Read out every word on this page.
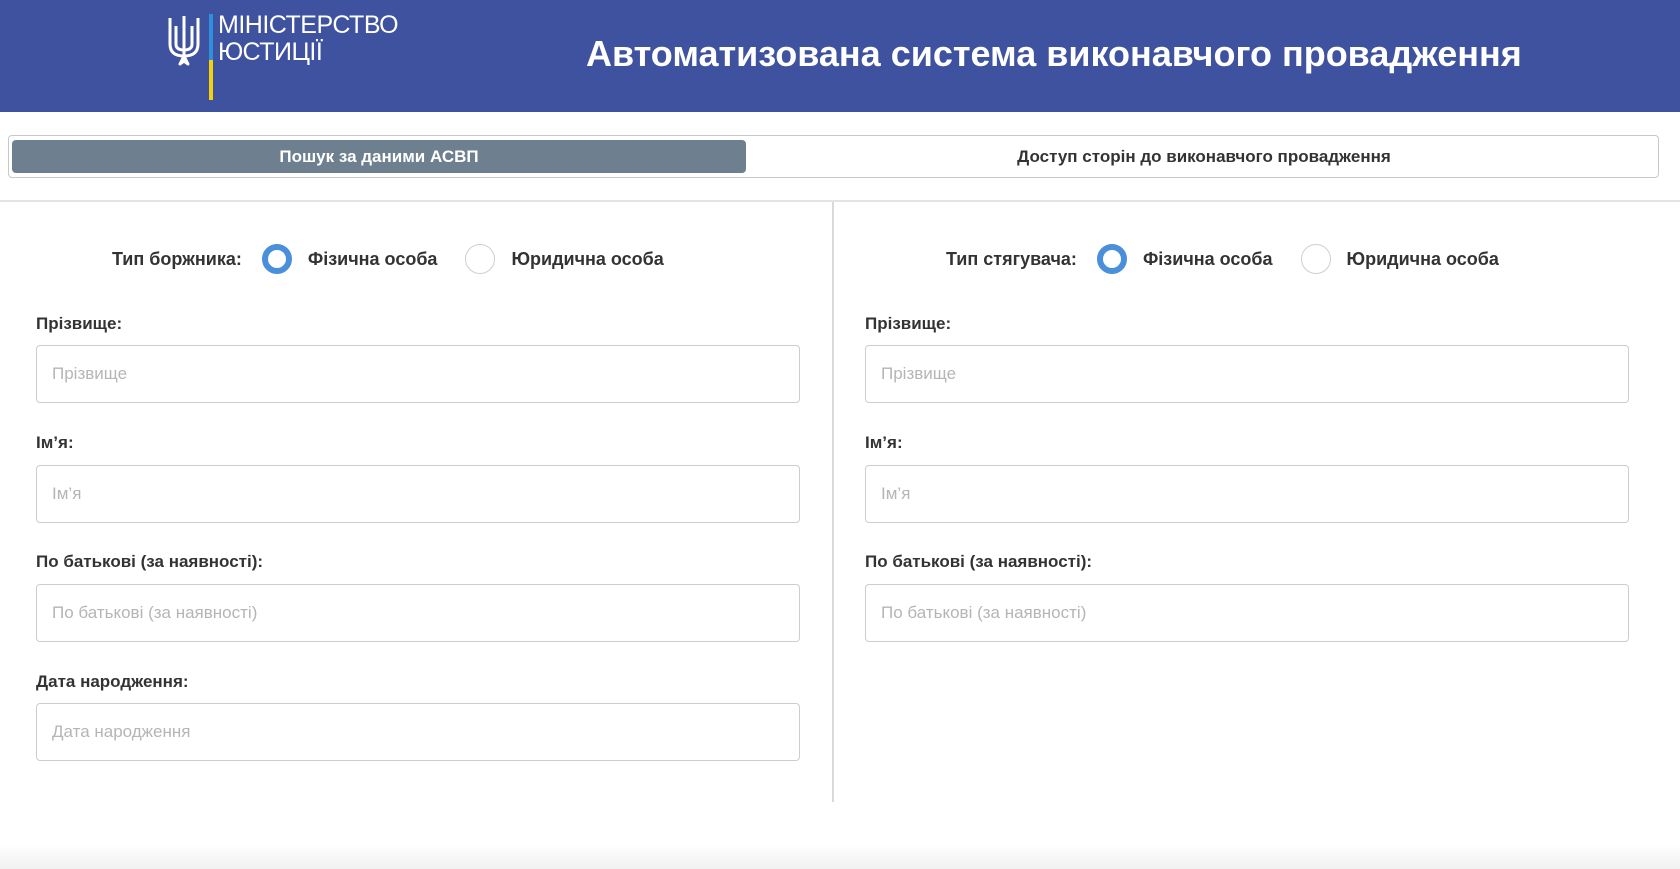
МІНІСТЕРСТВО
ЮСТИЦІЇ	Автоматизована система виконавчого провадження
Пошук за даними АСВП	Доступ сторін до виконавчого провадження
Тип боржника:	Фізична особа	Юридична особа
Прізвище:
Прізвище
Ім’я:
Ім’я
По батькові (за наявності):
По батькові (за наявності)
Дата народження:
Дата народження
Тип стягувача:	Фізична особа	Юридична особа
Прізвище:
Прізвище
Ім’я:
Ім’я
По батькові (за наявності):
По батькові (за наявності)
